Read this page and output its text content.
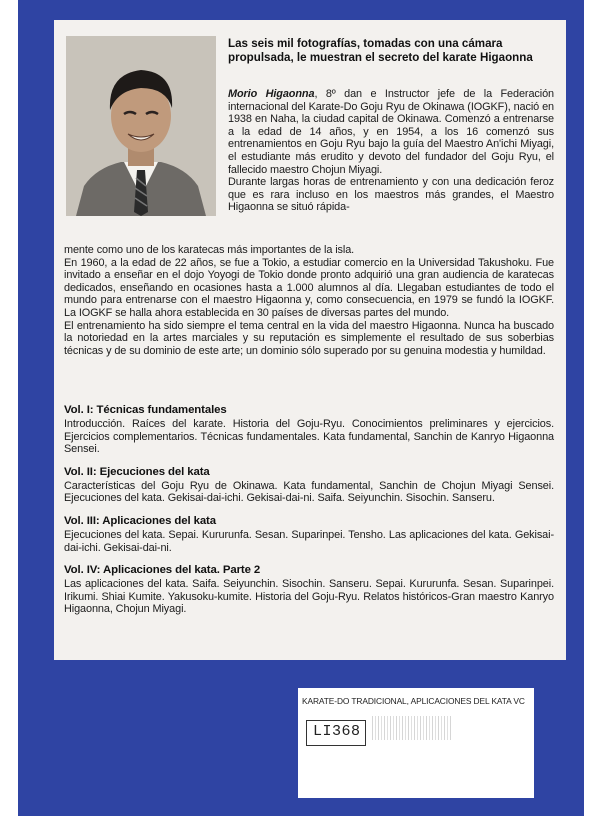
Las seis mil fotografías, tomadas con una cámara propulsada, le muestran el secreto del karate Higaonna

Morio Higaonna, 8º dan e Instructor jefe de la Federación internacional del Karate-Do Goju Ryu de Okinawa (IOGKF), nació en 1938 en Naha, la ciudad capital de Okinawa. Comenzó a entrenarse a la edad de 14 años, y en 1954, a los 16 comenzó sus entrenamientos en Goju Ryu bajo la guía del Maestro An'ichi Miyagi, el estudiante más erudito y devoto del fundador del Goju Ryu, el fallecido maestro Chojun Miyagi.

Durante largas horas de entrenamiento y con una dedicación feroz que es rara incluso en los maestros más grandes, el Maestro Higaonna se situó rápida-

mente como uno de los karatecas más importantes de la isla.

En 1960, a la edad de 22 años, se fue a Tokio, a estudiar comercio en la Universidad Takushoku. Fue invitado a enseñar en el dojo Yoyogi de Tokio donde pronto adquirió una gran audiencia de karatecas dedicados, enseñando en ocasiones hasta a 1.000 alumnos al día. Llegaban estudiantes de todo el mundo para entrenarse con el maestro Higaonna y, como consecuencia, en 1979 se fundó la IOGKF. La IOGKF se halla ahora establecida en 30 países de diversas partes del mundo.

El entrenamiento ha sido siempre el tema central en la vida del maestro Higaonna. Nunca ha buscado la notoriedad en la artes marciales y su reputación es simplemente el resultado de sus soberbias técnicas y de su dominio de este arte; un dominio sólo superado por su genuina modestia y humildad.

Vol. I: Técnicas fundamentales

Introducción. Raíces del karate. Historia del Goju-Ryu. Conocimientos preliminares y ejercicios. Ejercicios complementarios. Técnicas fundamentales. Kata fundamental, Sanchin de Kanryo Higaonna Sensei.

Vol. II: Ejecuciones del kata

Características del Goju Ryu de Okinawa. Kata fundamental, Sanchin de Chojun Miyagi Sensei. Ejecuciones del kata. Gekisai-dai-ichi. Gekisai-dai-ni. Saifa. Seiyunchin. Sisochin. Sanseru.

Vol. III: Aplicaciones del kata

Ejecuciones del kata. Sepai. Kururunfa. Sesan. Suparinpei. Tensho. Las aplicaciones del kata. Gekisai-dai-ichi. Gekisai-dai-ni.

Vol. IV: Aplicaciones del kata. Parte 2

Las aplicaciones del kata. Saifa. Seiyunchin. Sisochin. Sanseru. Sepai. Kururunfa. Sesan. Suparinpei. Irikumi. Shiai Kumite. Yakusoku-kumite. Historia del Goju-Ryu. Relatos históricos-Gran maestro Kanryo Higaonna, Chojun Miyagi.

KARATE-DO TRADICIONAL, APLICACIONES DEL KATA VC
LI368
